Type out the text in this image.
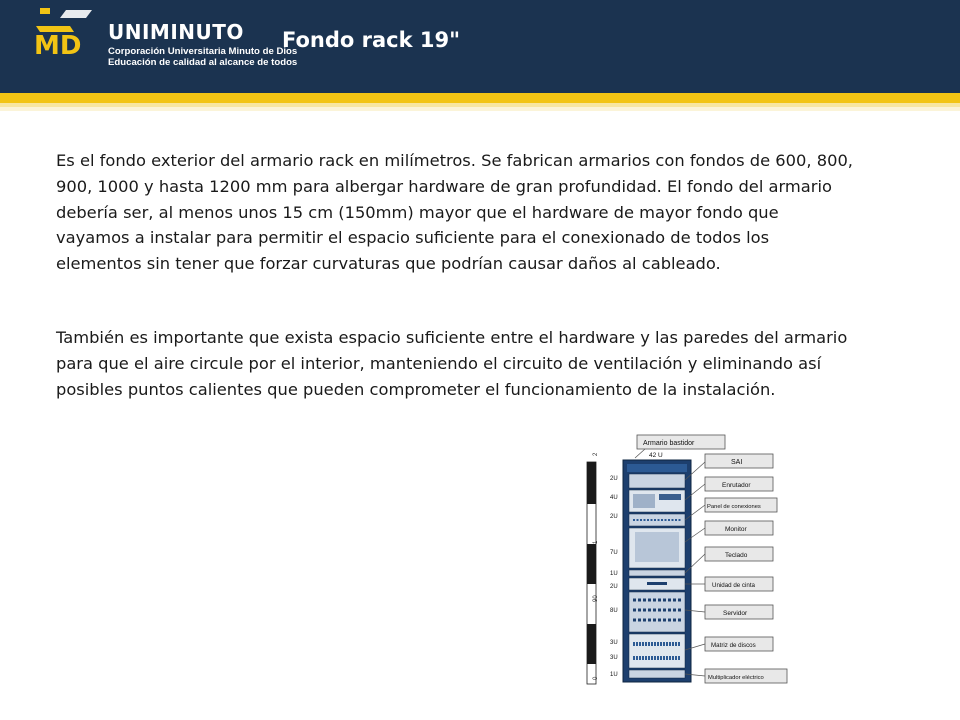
MD UNIMINUTO
Corporación Universitaria Minuto de Dios
Educación de calidad al alcance de todos
Fondo rack 19"

Es el fondo exterior del armario rack en milímetros. Se fabrican armarios con fondos de 600, 800, 900, 1000 y hasta 1200 mm para albergar hardware de gran profundidad. El fondo del armario debería ser, al menos unos 15 cm (150mm) mayor que el hardware de mayor fondo que vayamos a instalar para permitir el espacio suficiente para el conexionado de todos los elementos sin tener que forzar curvaturas que podrían causar daños al cableado.

También es importante que exista espacio suficiente entre el hardware y las paredes del armario para que el aire circule por el interior, manteniendo el circuito de ventilación y eliminando así posibles puntos calientes que pueden comprometer el funcionamiento de la instalación.

2
1
90
0
Armario bastidor
42 U
2U
4U
2U
7U
1U
2U
8U
3U
3U
1U
SAI
Enrutador
Panel de conexiones
Monitor
Teclado
Unidad de cinta
Servidor
Matriz de discos
Multiplicador eléctrico
